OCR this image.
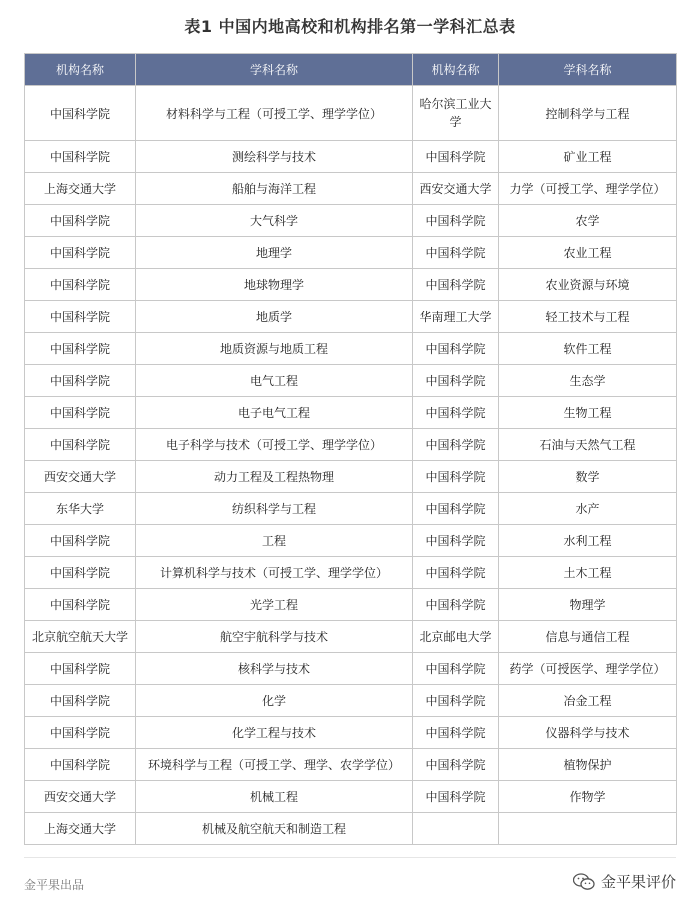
表1 中国内地高校和机构排名第一学科汇总表
机构名称	学科名称	机构名称	学科名称
中国科学院	材料科学与工程（可授工学、理学学位）	哈尔滨工业大学	控制科学与工程
中国科学院	测绘科学与技术	中国科学院	矿业工程
上海交通大学	船舶与海洋工程	西安交通大学	力学（可授工学、理学学位）
中国科学院	大气科学	中国科学院	农学
中国科学院	地理学	中国科学院	农业工程
中国科学院	地球物理学	中国科学院	农业资源与环境
中国科学院	地质学	华南理工大学	轻工技术与工程
中国科学院	地质资源与地质工程	中国科学院	软件工程
中国科学院	电气工程	中国科学院	生态学
中国科学院	电子电气工程	中国科学院	生物工程
中国科学院	电子科学与技术（可授工学、理学学位）	中国科学院	石油与天然气工程
西安交通大学	动力工程及工程热物理	中国科学院	数学
东华大学	纺织科学与工程	中国科学院	水产
中国科学院	工程	中国科学院	水利工程
中国科学院	计算机科学与技术（可授工学、理学学位）	中国科学院	土木工程
中国科学院	光学工程	中国科学院	物理学
北京航空航天大学	航空宇航科学与技术	北京邮电大学	信息与通信工程
中国科学院	核科学与技术	中国科学院	药学（可授医学、理学学位）
中国科学院	化学	中国科学院	冶金工程
中国科学院	化学工程与技术	中国科学院	仪器科学与技术
中国科学院	环境科学与工程（可授工学、理学、农学学位）	中国科学院	植物保护
西安交通大学	机械工程	中国科学院	作物学
上海交通大学	机械及航空航天和制造工程		
金平果出品	金平果评价
